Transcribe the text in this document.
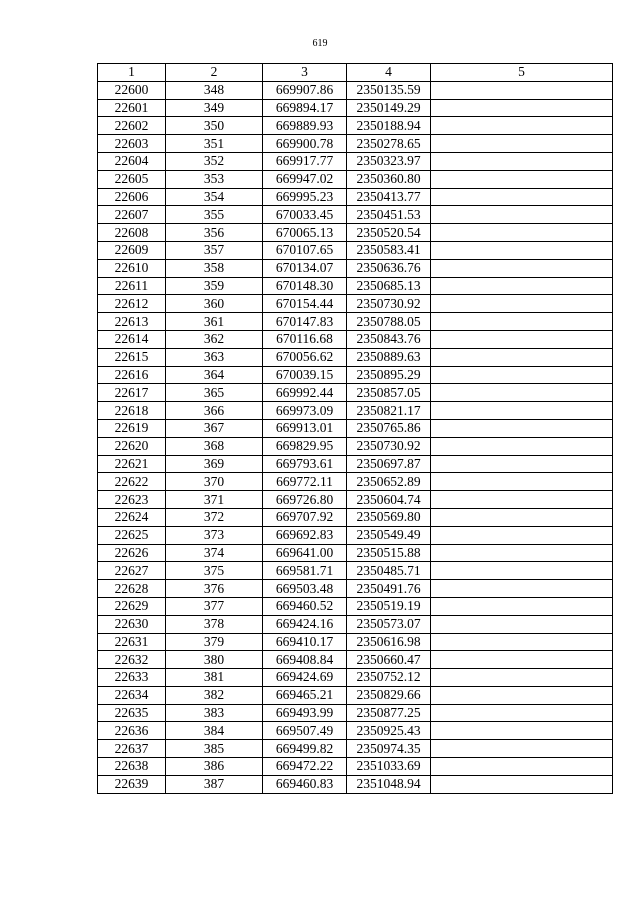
619
1	2	3	4	5
22600	348	669907.86	2350135.59	
22601	349	669894.17	2350149.29	
22602	350	669889.93	2350188.94	
22603	351	669900.78	2350278.65	
22604	352	669917.77	2350323.97	
22605	353	669947.02	2350360.80	
22606	354	669995.23	2350413.77	
22607	355	670033.45	2350451.53	
22608	356	670065.13	2350520.54	
22609	357	670107.65	2350583.41	
22610	358	670134.07	2350636.76	
22611	359	670148.30	2350685.13	
22612	360	670154.44	2350730.92	
22613	361	670147.83	2350788.05	
22614	362	670116.68	2350843.76	
22615	363	670056.62	2350889.63	
22616	364	670039.15	2350895.29	
22617	365	669992.44	2350857.05	
22618	366	669973.09	2350821.17	
22619	367	669913.01	2350765.86	
22620	368	669829.95	2350730.92	
22621	369	669793.61	2350697.87	
22622	370	669772.11	2350652.89	
22623	371	669726.80	2350604.74	
22624	372	669707.92	2350569.80	
22625	373	669692.83	2350549.49	
22626	374	669641.00	2350515.88	
22627	375	669581.71	2350485.71	
22628	376	669503.48	2350491.76	
22629	377	669460.52	2350519.19	
22630	378	669424.16	2350573.07	
22631	379	669410.17	2350616.98	
22632	380	669408.84	2350660.47	
22633	381	669424.69	2350752.12	
22634	382	669465.21	2350829.66	
22635	383	669493.99	2350877.25	
22636	384	669507.49	2350925.43	
22637	385	669499.82	2350974.35	
22638	386	669472.22	2351033.69	
22639	387	669460.83	2351048.94	
